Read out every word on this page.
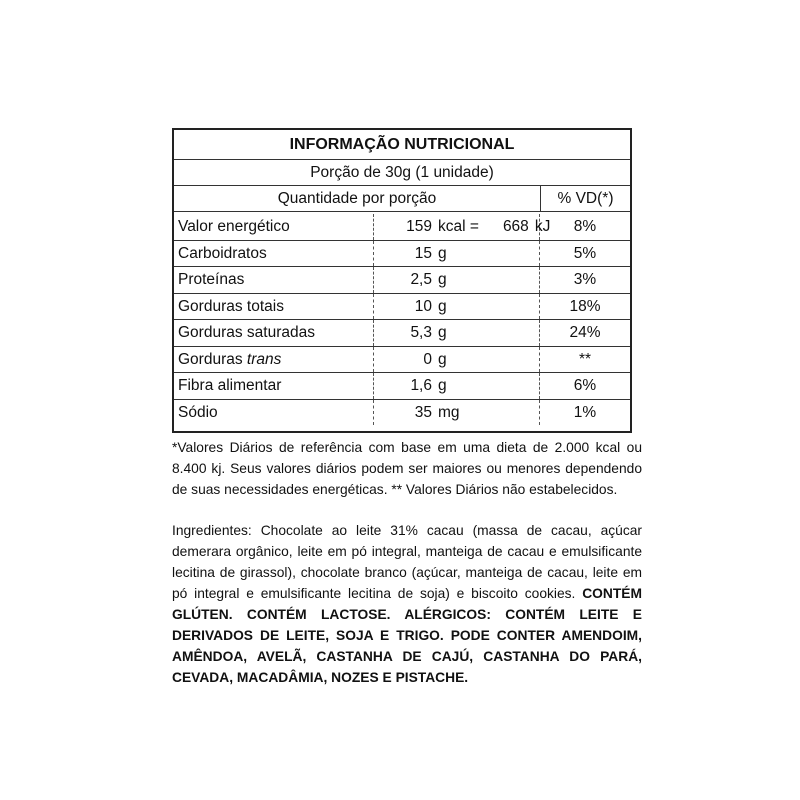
INFORMAÇÃO NUTRICIONAL
Porção de 30g (1 unidade)
Quantidade por porção	% VD(*)
Valor energético	159 kcal = 668 kJ	8%
Carboidratos	15 g	5%
Proteínas	2,5 g	3%
Gorduras totais	10 g	18%
Gorduras saturadas	5,3 g	24%
Gorduras trans	0 g	**
Fibra alimentar	1,6 g	6%
Sódio	35 mg	1%
*Valores Diários de referência com base em uma dieta de 2.000 kcal ou 8.400 kj. Seus valores diários podem ser maiores ou menores dependendo de suas necessidades energéticas. ** Valores Diários não estabelecidos.
Ingredientes: Chocolate ao leite 31% cacau (massa de cacau, açúcar demerara orgânico, leite em pó integral, manteiga de cacau e emulsificante lecitina de girassol), chocolate branco (açúcar, manteiga de cacau, leite em pó integral e emulsificante lecitina de soja) e biscoito cookies. CONTÉM GLÚTEN. CONTÉM LACTOSE. ALÉRGICOS: CONTÉM LEITE E DERIVADOS DE LEITE, SOJA E TRIGO. PODE CONTER AMENDOIM, AMÊNDOA, AVELÃ, CASTANHA DE CAJÚ, CASTANHA DO PARÁ, CEVADA, MACADÂMIA, NOZES E PISTACHE.
